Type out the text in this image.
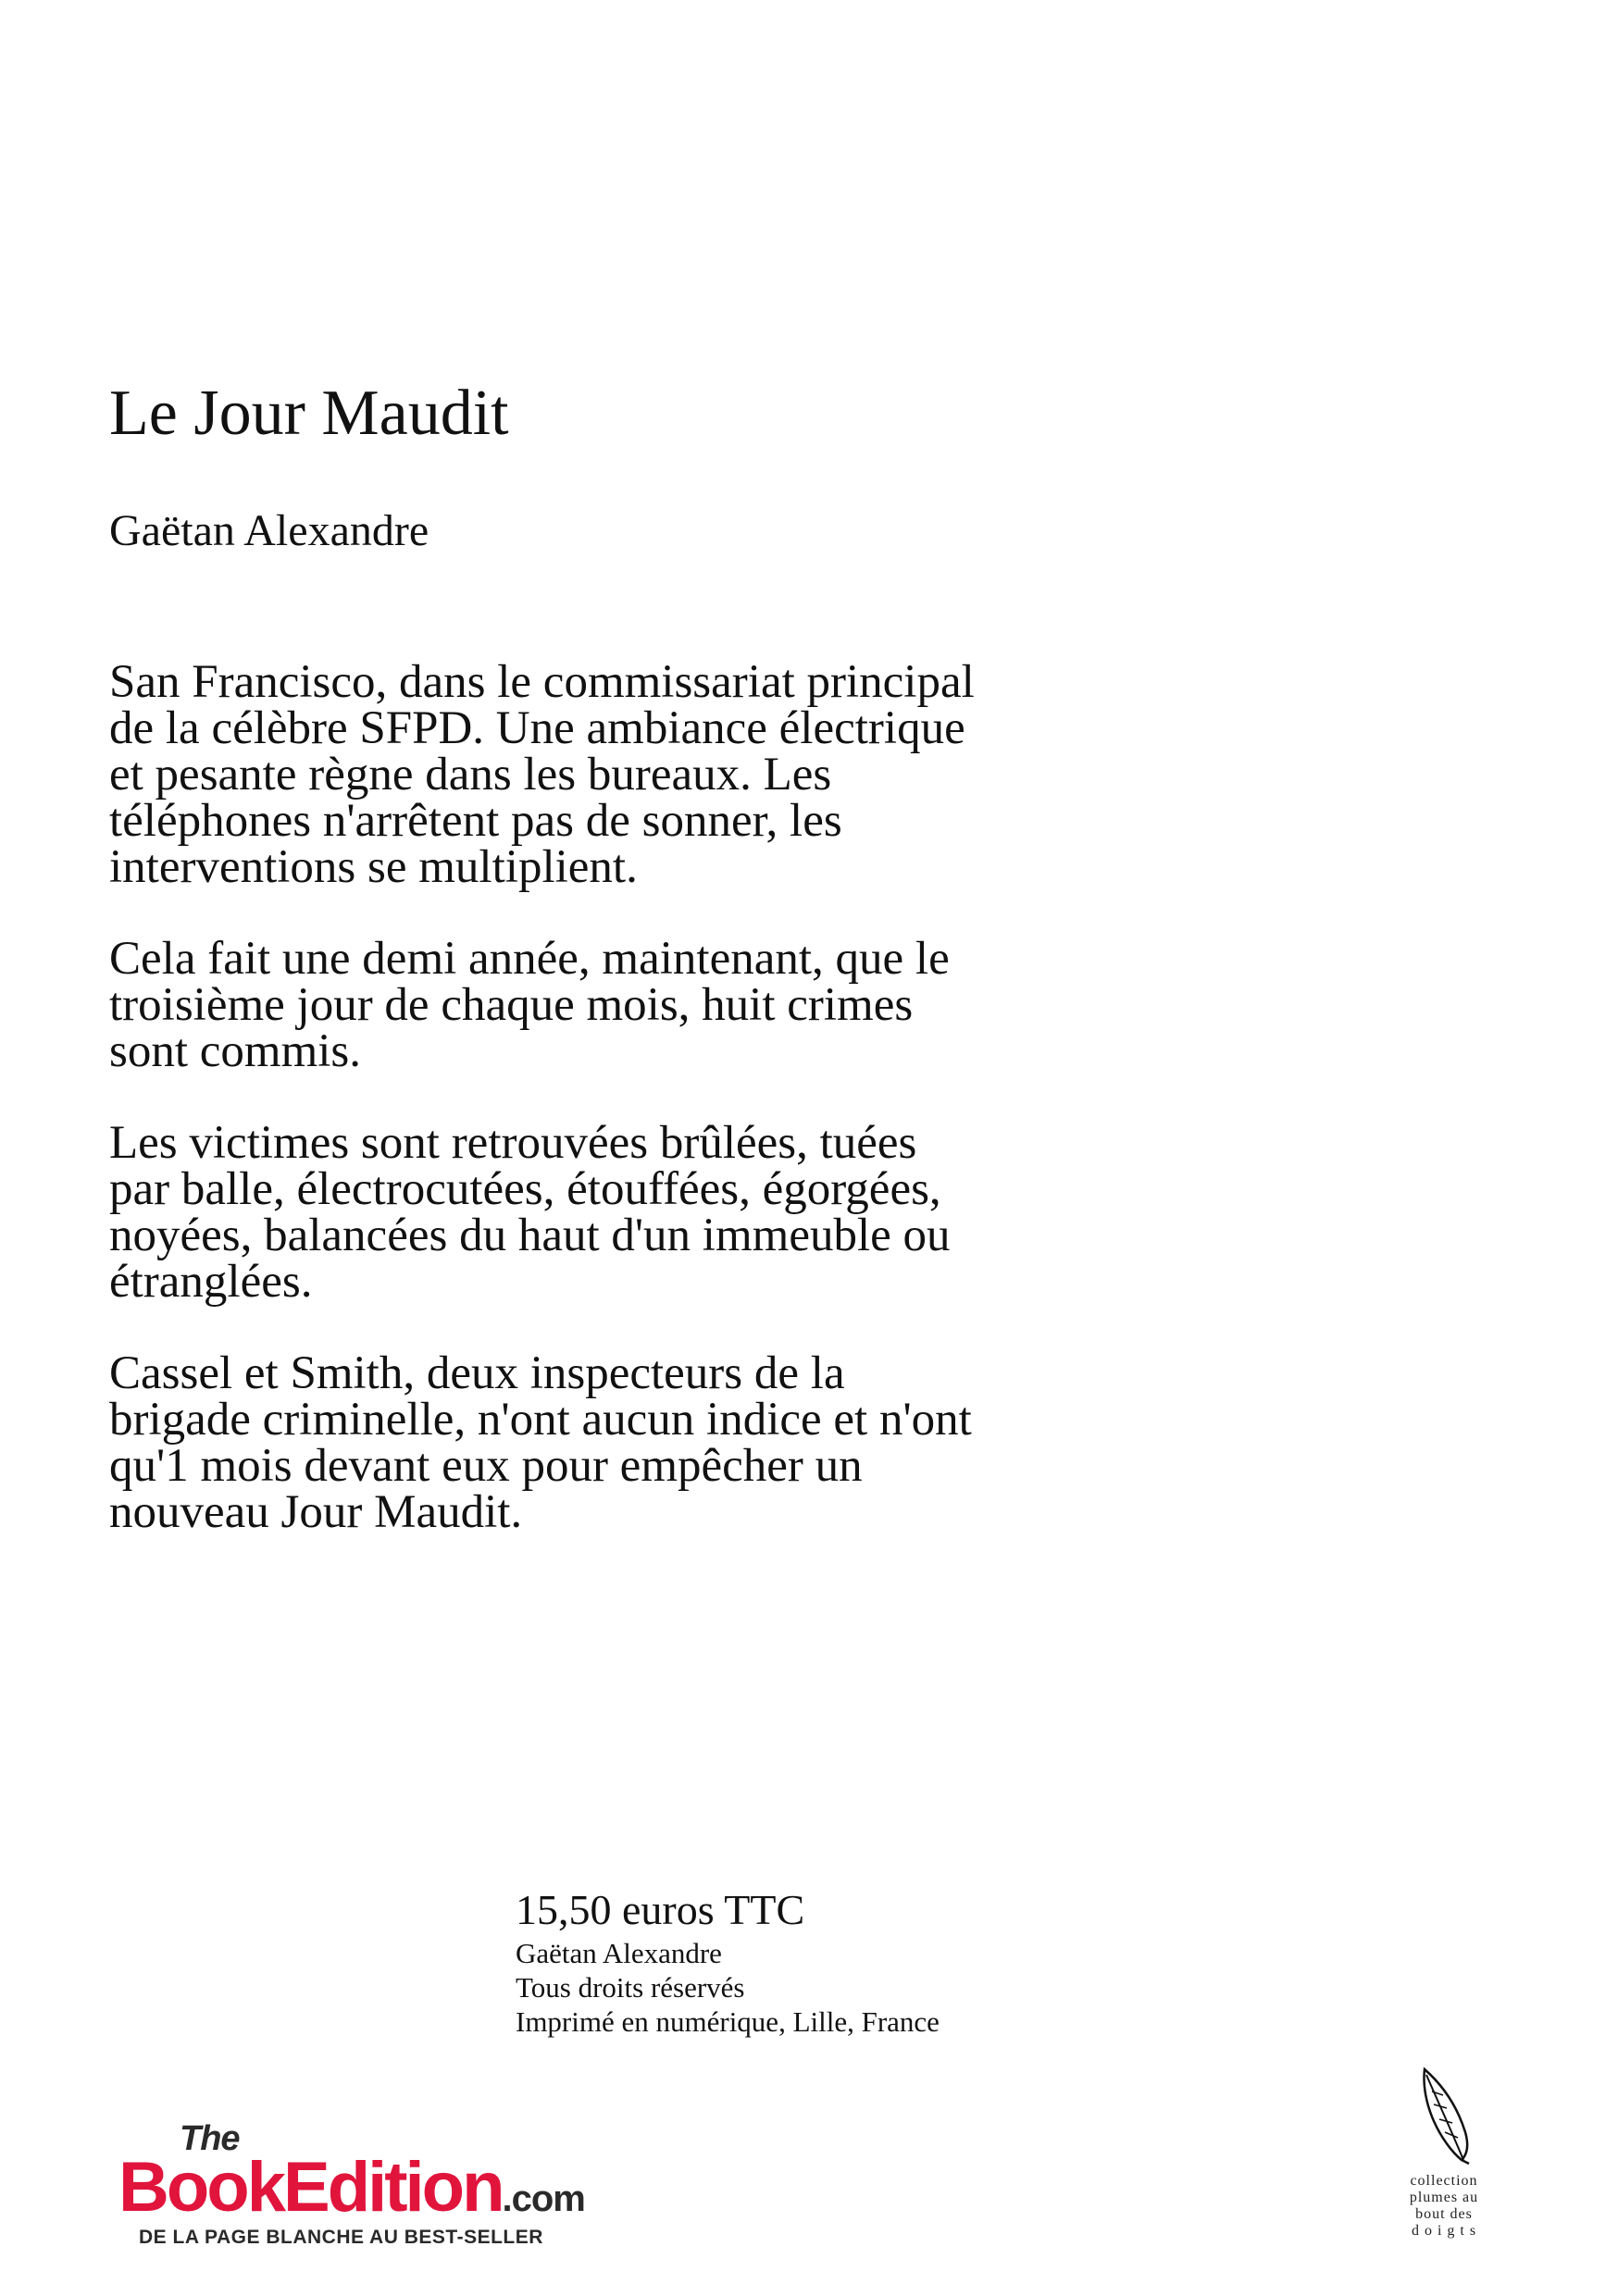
Le Jour Maudit
Gaëtan Alexandre

San Francisco, dans le commissariat principal
de la célèbre SFPD. Une ambiance électrique
et pesante règne dans les bureaux. Les
téléphones n'arrêtent pas de sonner, les
interventions se multiplient.

Cela fait une demi année, maintenant, que le
troisième jour de chaque mois, huit crimes
sont commis.

Les victimes sont retrouvées brûlées, tuées
par balle, électrocutées, étouffées, égorgées,
noyées, balancées du haut d'un immeuble ou
étranglées.

Cassel et Smith, deux inspecteurs de la
brigade criminelle, n'ont aucun indice et n'ont
qu'1 mois devant eux pour empêcher un
nouveau Jour Maudit.

15,50 euros TTC
Gaëtan Alexandre
Tous droits réservés
Imprimé en numérique, Lille, France
The
BookEdition.com
DE LA PAGE BLANCHE AU BEST-SELLER
collection
plumes au
bout des
d o i g t s
